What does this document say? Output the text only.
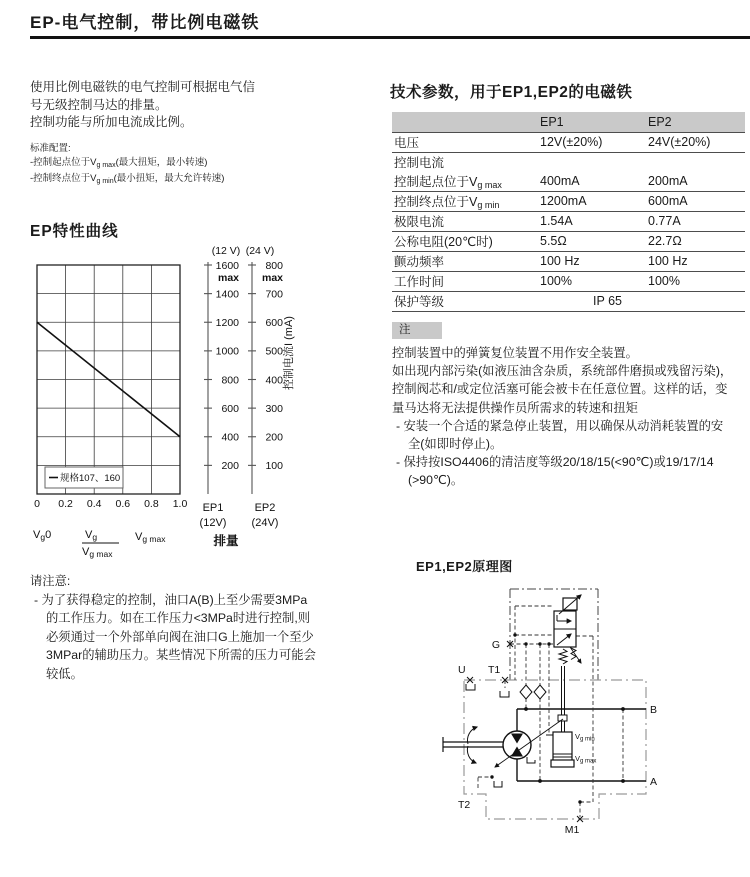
EP-电气控制，带比例电磁铁
使用比例电磁铁的电气控制可根据电气信
号无级控制马达的排量。
控制功能与所加电流成比例。
标准配置:
-控制起点位于$V_{g max}$(最大扭矩，最小转速)
-控制终点位于$V_{g min}$(最小扭矩，最大允许转速)
EP特性曲线
0 0.2 0.4 0.6 0.8 1.0
规格107、160
(12 V)
1600
max
1400
1200
1000
800
600
400
200
EP1
(12V)
(24 V)
800
max
700
600
500
400
300
200
100
EP2
(24V)
排量
控制电流I (mA)
$V_g0$	$V_g$
$V_{g max}$
$V_{g max}$
请注意:
- 为了获得稳定的控制，油口A(B)上至少需要3MPa
的工作压力。如在工作压力<3MPa时进行控制,则
必须通过一个外部单向阀在油口G上施加一个至少
3MPar的辅助压力。某些情况下所需的压力可能会
较低。
技术参数，用于EP1,EP2的电磁铁
	EP1	EP2
电压	12V(±20%)	24V(±20%)
控制电流		
控制起点位于Vg max	400mA	200mA
控制终点位于Vg min	1200mA	600mA
极限电流	1.54A	0.77A
公称电阻(20℃时)	5.5Ω	22.7Ω
颤动频率	100 Hz	100 Hz
工作时间	100%	100%
保护等级	IP 65	
注
控制装置中的弹簧复位装置不用作安全装置。
如出现内部污染(如液压油含杂质，系统部件磨损或残留污染)，
控制阀芯和/或定位活塞可能会被卡在任意位置。这样的话，变
量马达将无法提供操作员所需求的转速和扭矩
- 安装一个合适的紧急停止装置，用以确保从动消耗装置的安
全(如即时停止)。
- 保持按ISO4406的清洁度等级20/18/15(<90℃)或19/17/14
(>90℃)。
EP1,EP2原理图
$V_{g min}$
$V_{g max}$
G
U T1
B
A
T2
M1
